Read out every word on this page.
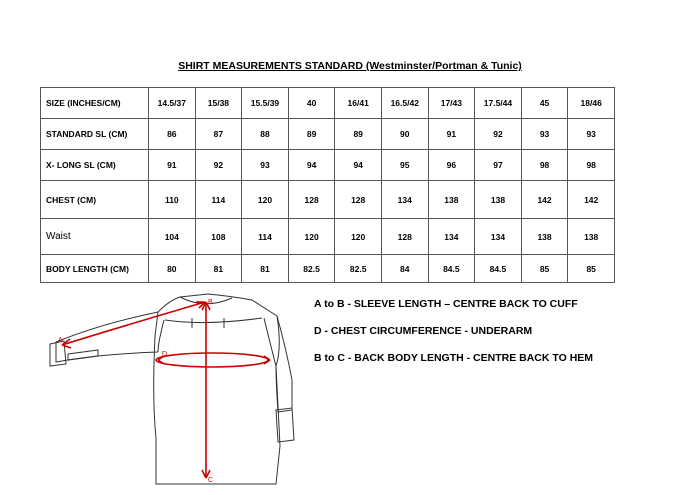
SHIRT MEASUREMENTS STANDARD (Westminster/Portman & Tunic)
SIZE (INCHES/CM)	14.5/37	15/38	15.5/39	40	16/41	16.5/42	17/43	17.5/44	45	18/46
STANDARD SL (CM)	86	87	88	89	89	90	91	92	93	93
X- LONG SL (CM)	91	92	93	94	94	95	96	97	98	98
CHEST (CM)	110	114	120	128	128	134	138	138	142	142
Waist	104	108	114	120	120	128	134	134	138	138
BODY LENGTH (CM)	80	81	81	82.5	82.5	84	84.5	84.5	85	85
A
B
C
D
A to B - SLEEVE LENGTH – CENTRE BACK TO CUFF
D - CHEST CIRCUMFERENCE - UNDERARM
B to C - BACK BODY LENGTH - CENTRE BACK TO HEM
